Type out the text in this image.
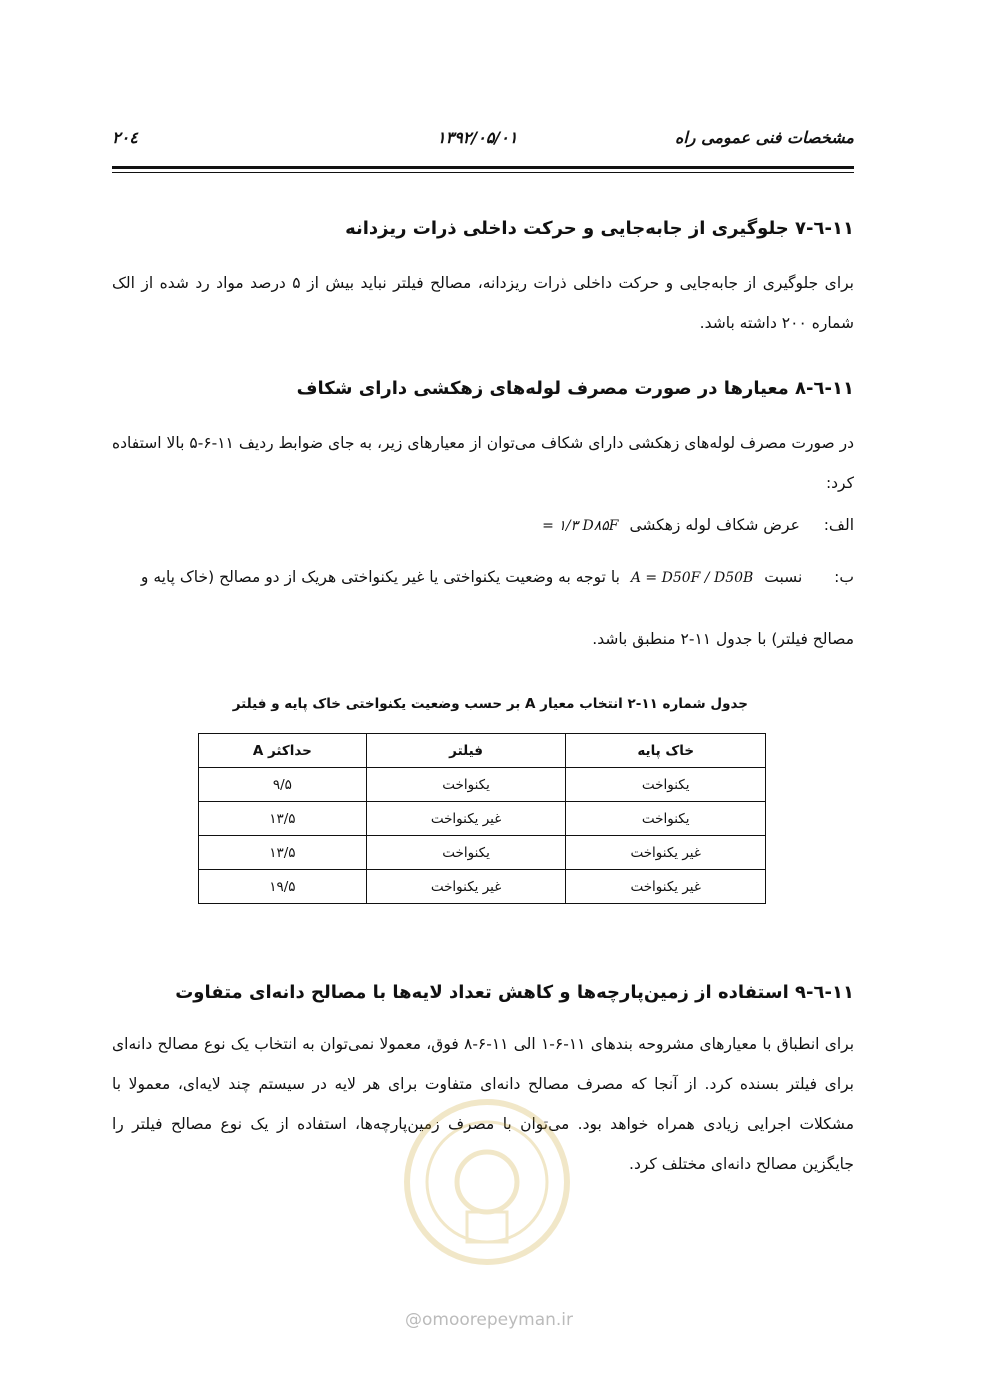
مشخصات فنی عمومی راه
۱۳۹۲/۰۵/۰۱
۲۰٤
۱۱-٦-۷ جلوگیری از جابه‌جایی و حرکت داخلی ذرات ریزدانه
برای جلوگیری از جابه‌جایی و حرکت داخلی ذرات ریزدانه، مصالح فیلتر نباید بیش از ۵ درصد مواد رد شده از الک شماره ۲۰۰ داشته باشد.
۱۱-٦-۸ معیارها در صورت مصرف لوله‌های زهکشی دارای شکاف
در صورت مصرف لوله‌های زهکشی دارای شکاف می‌توان از معیارهای زیر، به جای ضوابط ردیف ۱۱-۶-۵ بالا استفاده کرد:
الف:  عرض شکاف لوله زهکشی = ۱/۳ D۸۵F
ب:  نسبت A = D50F / D50B با توجه به وضعیت یکنواختی یا غیر یکنواختی هریک از دو مصالح (خاک پایه و
مصالح فیلتر) با جدول ۱۱-۲ منطبق باشد.
جدول شماره ۱۱-۲ انتخاب معیار A بر حسب وضعیت یکنواختی خاک پایه و فیلتر
خاک پایه	فیلتر	حداکثر A
یکنواخت	یکنواخت	۹/۵
یکنواخت	غیر یکنواخت	۱۳/۵
غیر یکنواخت	یکنواخت	۱۳/۵
غیر یکنواخت	غیر یکنواخت	۱۹/۵
۱۱-٦-۹ استفاده از زمین‌پارچه‌ها و کاهش تعداد لایه‌ها با مصالح دانه‌ای متفاوت
برای انطباق با معیارهای مشروحه بندهای ۱۱-۶-۱ الی ۱۱-۶-۸ فوق، معمولا نمی‌توان به انتخاب یک نوع مصالح دانه‌ای برای فیلتر بسنده کرد. از آنجا که مصرف مصالح دانه‌ای متفاوت برای هر لایه در سیستم چند لایه‌ای، معمولا با مشکلات اجرایی زیادی همراه خواهد بود. می‌توان با مصرف زمین‌پارچه‌ها، استفاده از یک نوع مصالح فیلتر را جایگزین مصالح دانه‌ای مختلف کرد.
@omoorepeyman.ir
